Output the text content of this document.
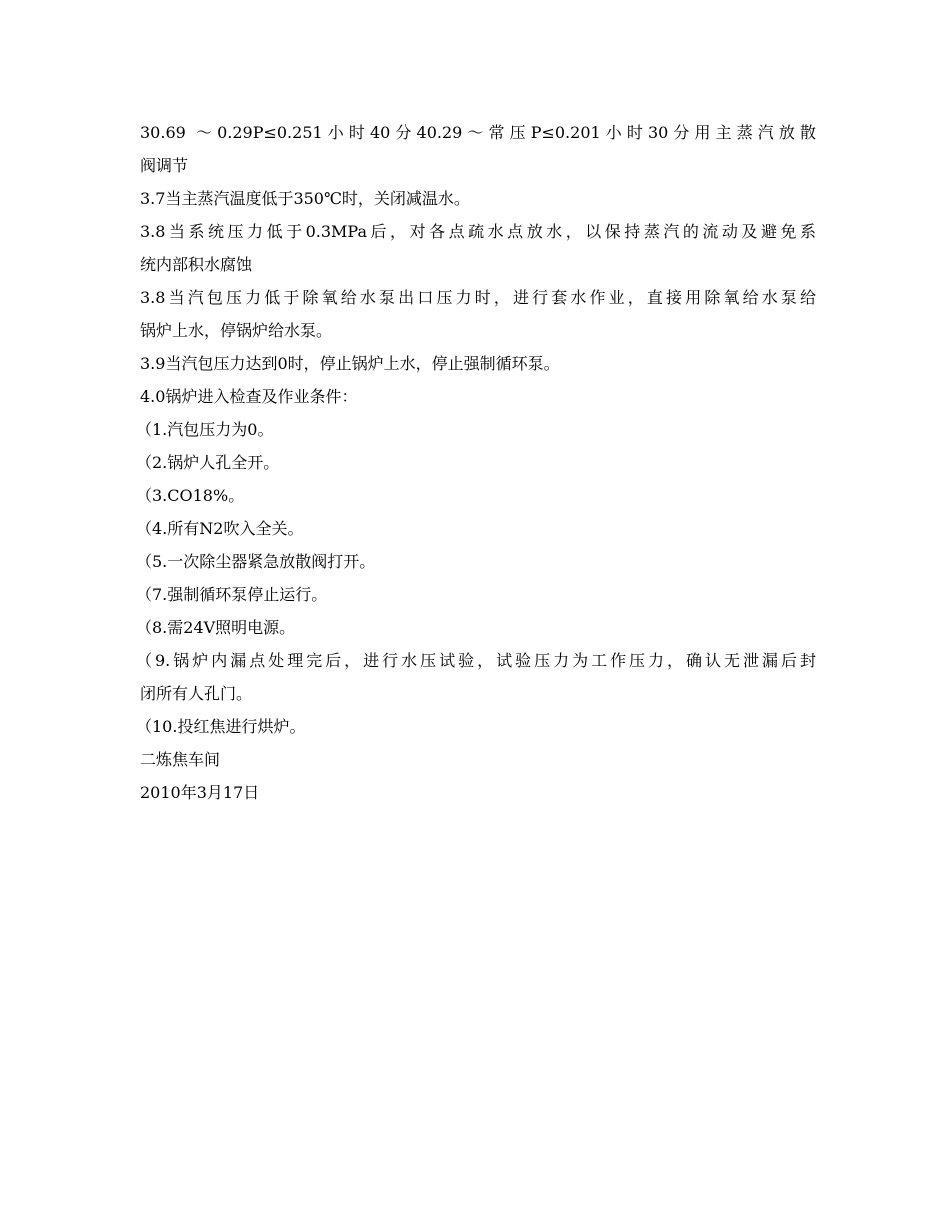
30.69 ～0.29P≤0.251小时40分40.29～常压P≤0.201小时30分用主蒸汽放散

阀调节

3.7当主蒸汽温度低于350℃时，关闭减温水。

3.8当系统压力低于0.3MPa后，对各点疏水点放水，以保持蒸汽的流动及避免系

统内部积水腐蚀

3.8当汽包压力低于除氧给水泵出口压力时，进行套水作业，直接用除氧给水泵给

锅炉上水，停锅炉给水泵。

3.9当汽包压力达到0时，停止锅炉上水，停止强制循环泵。

4.0锅炉进入检查及作业条件：

（1.汽包压力为0。

（2.锅炉人孔全开。

（3.CO18%。

（4.所有N2吹入全关。

（5.一次除尘器紧急放散阀打开。

（7.强制循环泵停止运行。

（8.需24V照明电源。

（9.锅炉内漏点处理完后，进行水压试验，试验压力为工作压力，确认无泄漏后封

闭所有人孔门。

（10.投红焦进行烘炉。

二炼焦车间

2010年3月17日
